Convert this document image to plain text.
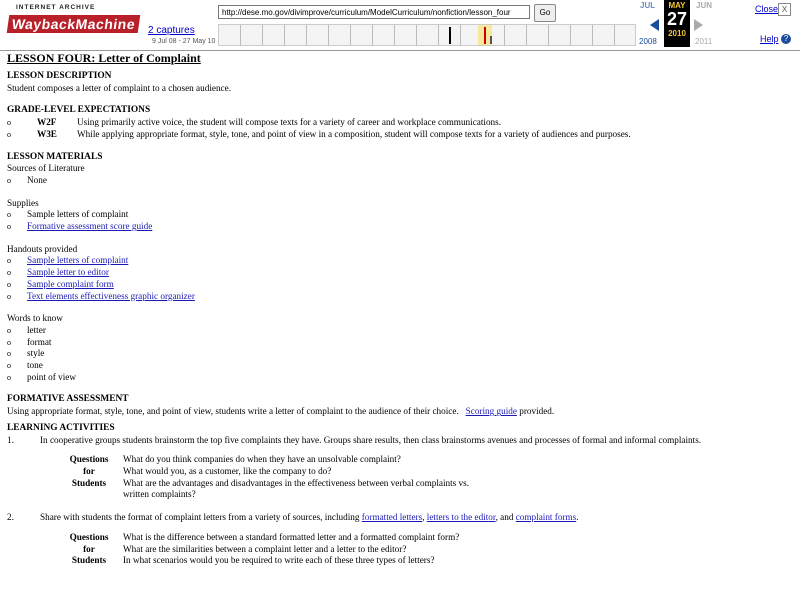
INTERNET ARCHIVE
WaybackMachine	2 captures
9 Jul 08 - 27 May 10
http://dese.mo.gov/divimprove/curriculum/ModelCurriculum/nonfiction/lesson_four	Go
JUL	JUN
MAY
27
2010
2008	2011
Close X
Help ?

LESSON FOUR: Letter of Complaint

LESSON DESCRIPTION

Student composes a letter of complaint to a chosen audience.

GRADE-LEVEL EXPECTATIONS

o W2F Using primarily active voice, the student will compose texts for a variety of career and workplace communications.
o W3E While applying appropriate format, style, tone, and point of view in a composition, student will compose texts for a variety of audiences and purposes.

LESSON MATERIALS

Sources of Literature

o None

Supplies

o Sample letters of complaint
o Formative assessment score guide

Handouts provided

o Sample letters of complaint
o Sample letter to editor
o Sample complaint form
o Text elements effectiveness graphic organizer

Words to know

o letter
o format
o style
o tone
o point of view

FORMATIVE ASSESSMENT

Using appropriate format, style, tone, and point of view, students write a letter of complaint to the audience of their choice. Scoring guide provided.

LEARNING ACTIVITIES

1.	In cooperative groups students brainstorm the top five complaints they have. Groups share results, then class brainstorms avenues and processes of formal and informal complaints.
Questions	What do you think companies do when they have an unsolvable complaint?
for	What would you, as a customer, like the company to do?
Students	What are the advantages and disadvantages in the effectiveness between verbal complaints vs.
	written complaints?
2.	Share with students the format of complaint letters from a variety of sources, including formatted letters, letters to the editor, and complaint forms.
Questions	What is the difference between a standard formatted letter and a formatted complaint form?
for	What are the similarities between a complaint letter and a letter to the editor?
Students	In what scenarios would you be required to write each of these three types of letters?
